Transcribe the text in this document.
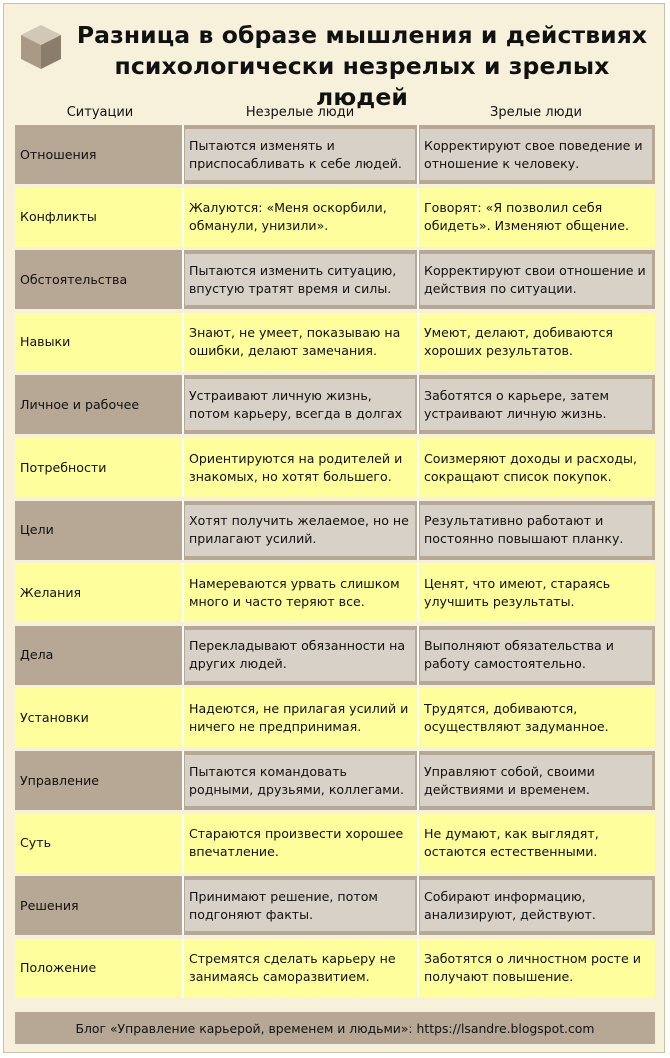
Разница в образе мышления и действиях
психологически незрелых и зрелых людей
Ситуации	Незрелые люди	Зрелые люди
Отношения
Пытаются изменять и приспосабливать к себе людей.
Корректируют свое поведение и отношение к человеку.
Конфликты
Жалуются: «Меня оскорбили, обманули, унизили».
Говорят: «Я позволил себя обидеть». Изменяют общение.
Обстоятельства
Пытаются изменить ситуацию, впустую тратят время и силы.
Корректируют свои отношение и действия по ситуации.
Навыки
Знают, не умеет, показываю на ошибки, делают замечания.
Умеют, делают, добиваются хороших результатов.
Личное и рабочее
Устраивают личную жизнь, потом карьеру, всегда в долгах
Заботятся о карьере, затем устраивают личную жизнь.
Потребности
Ориентируются на родителей и знакомых, но хотят большего.
Соизмеряют доходы и расходы, сокращают список покупок.
Цели
Хотят получить желаемое, но не прилагают усилий.
Результативно работают и постоянно повышают планку.
Желания
Намереваются урвать слишком много и часто теряют все.
Ценят, что имеют, стараясь улучшить результаты.
Дела
Перекладывают обязанности на других людей.
Выполняют обязательства и работу самостоятельно.
Установки
Надеются, не прилагая усилий и ничего не предпринимая.
Трудятся, добиваются, осуществляют задуманное.
Управление
Пытаются командовать родными, друзьями, коллегами.
Управляют собой, своими действиями и временем.
Суть
Стараются произвести хорошее впечатление.
Не думают, как выглядят, остаются естественными.
Решения
Принимают решение, потом подгоняют факты.
Собирают информацию, анализируют, действуют.
Положение
Стремятся сделать карьеру не занимаясь саморазвитием.
Заботятся о личностном росте и получают повышение.
Блог «Управление карьерой, временем и людьми»: https://lsandre.blogspot.com
